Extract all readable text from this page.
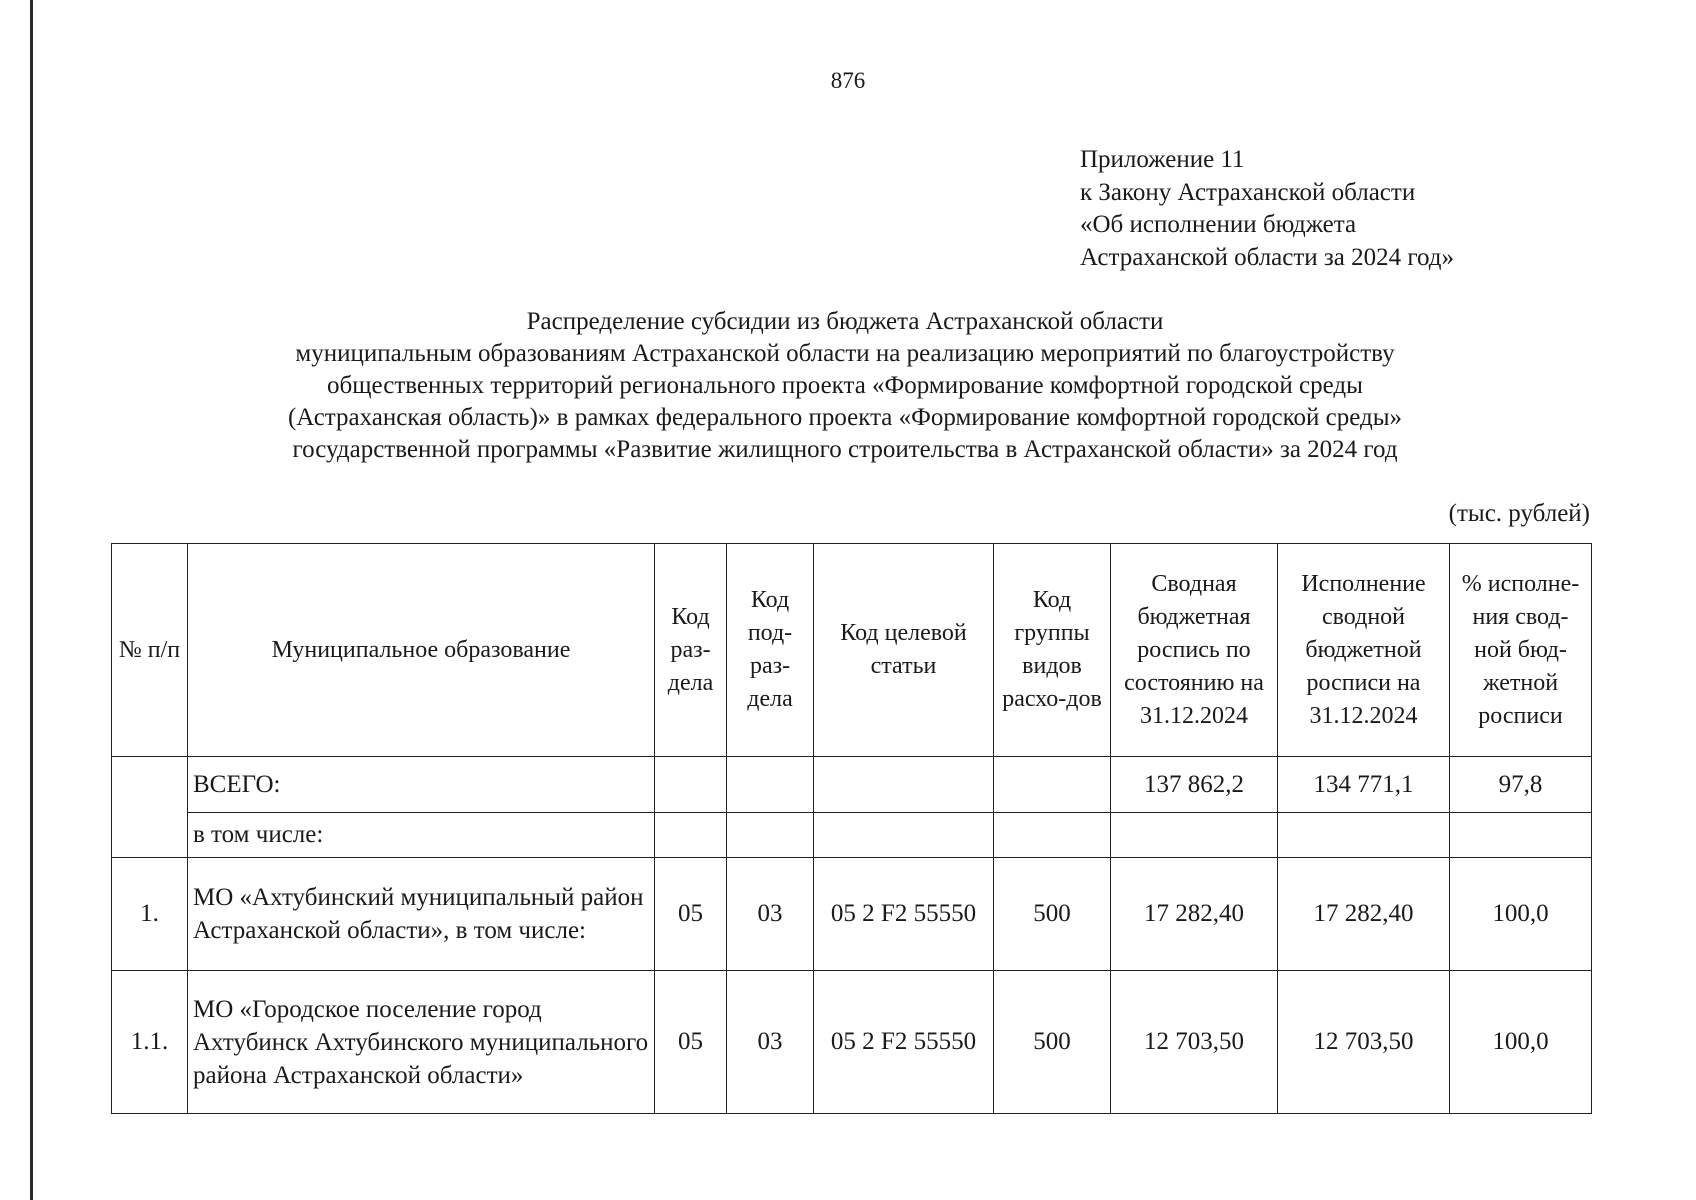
876
Приложение 11
к Закону Астраханской области
«Об исполнении бюджета
Астраханской области за 2024 год»
Распределение субсидии из бюджета Астраханской области
муниципальным образованиям Астраханской области на реализацию мероприятий по благоустройству
общественных территорий регионального проекта «Формирование комфортной городской среды
(Астраханская область)» в рамках федерального проекта «Формирование комфортной городской среды»
государственной программы «Развитие жилищного строительства в Астраханской области» за 2024 год
(тыс. рублей)
№ п/п	Муниципальное образование	Код раз-дела	Код под-раз-дела	Код целевой статьи	Код группы видов расхо-дов	Сводная бюджетная роспись по состоянию на 31.12.2024	Исполнение сводной бюджетной росписи на 31.12.2024	% исполне-ния свод-ной бюд-жетной росписи
	ВСЕГО:					137 862,2	134 771,1	97,8
	в том числе:							
1.	МО «Ахтубинский муниципальный район Астраханской области», в том числе:	05	03	05 2 F2 55550	500	17 282,40	17 282,40	100,0
1.1.	МО «Городское поселение город Ахтубинск Ахтубинского муниципального района Астраханской области»	05	03	05 2 F2 55550	500	12 703,50	12 703,50	100,0
